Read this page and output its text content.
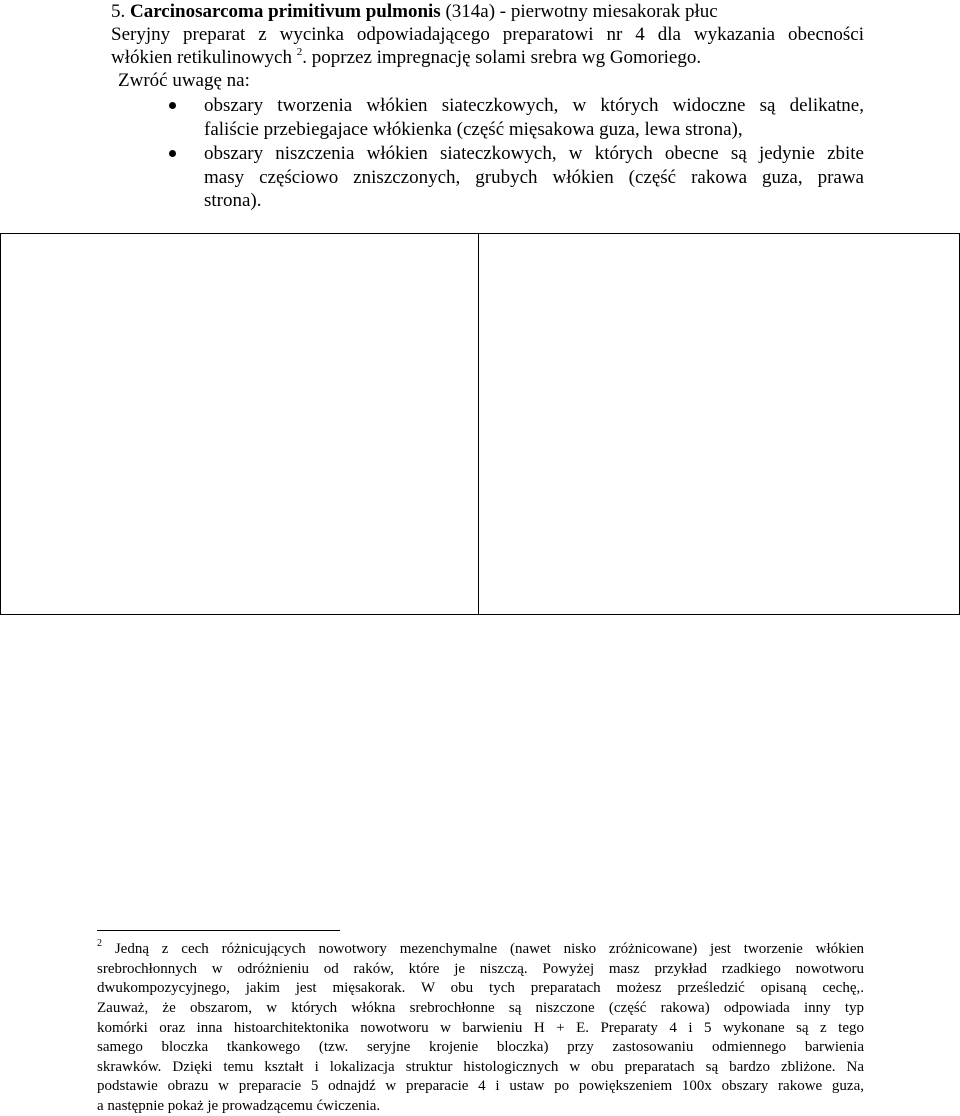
5. Carcinosarcoma primitivum pulmonis (314a) - pierwotny miesakorak płuc
Seryjny preparat z wycinka odpowiadającego preparatowi nr 4 dla wykazania obecności
włókien retikulinowych $^2$. poprzez impregnację solami srebra wg Gomoriego.
Zwróć uwagę na:
obszary tworzenia włókien siateczkowych, w których widoczne są delikatne,
faliście przebiegajace włókienka (część mięsakowa guza, lewa strona),
obszary niszczenia włókien siateczkowych, w których obecne są jedynie zbite
masy częściowo zniszczonych, grubych włókien (część rakowa guza, prawa
strona).
$^2$ Jedną z cech różnicujących nowotwory mezenchymalne (nawet nisko zróżnicowane) jest tworzenie włókien
srebrochłonnych w odróżnieniu od raków, które je niszczą. Powyżej masz przykład rzadkiego nowotworu
dwukompozycyjnego, jakim jest mięsakorak. W obu tych preparatach możesz prześledzić opisaną cechę,.
Zauważ, że obszarom, w których włókna srebrochłonne są niszczone (część rakowa) odpowiada inny typ
komórki oraz inna histoarchitektonika nowotworu w barwieniu H + E. Preparaty 4 i 5 wykonane są z tego
samego bloczka tkankowego (tzw. seryjne krojenie bloczka) przy zastosowaniu odmiennego barwienia
skrawków. Dzięki temu kształt i lokalizacja struktur histologicznych w obu preparatach są bardzo zbliżone. Na
podstawie obrazu w preparacie 5 odnajdź w preparacie 4 i ustaw po powiększeniem 100x obszary rakowe guza,
a następnie pokaż je prowadzącemu ćwiczenia.
